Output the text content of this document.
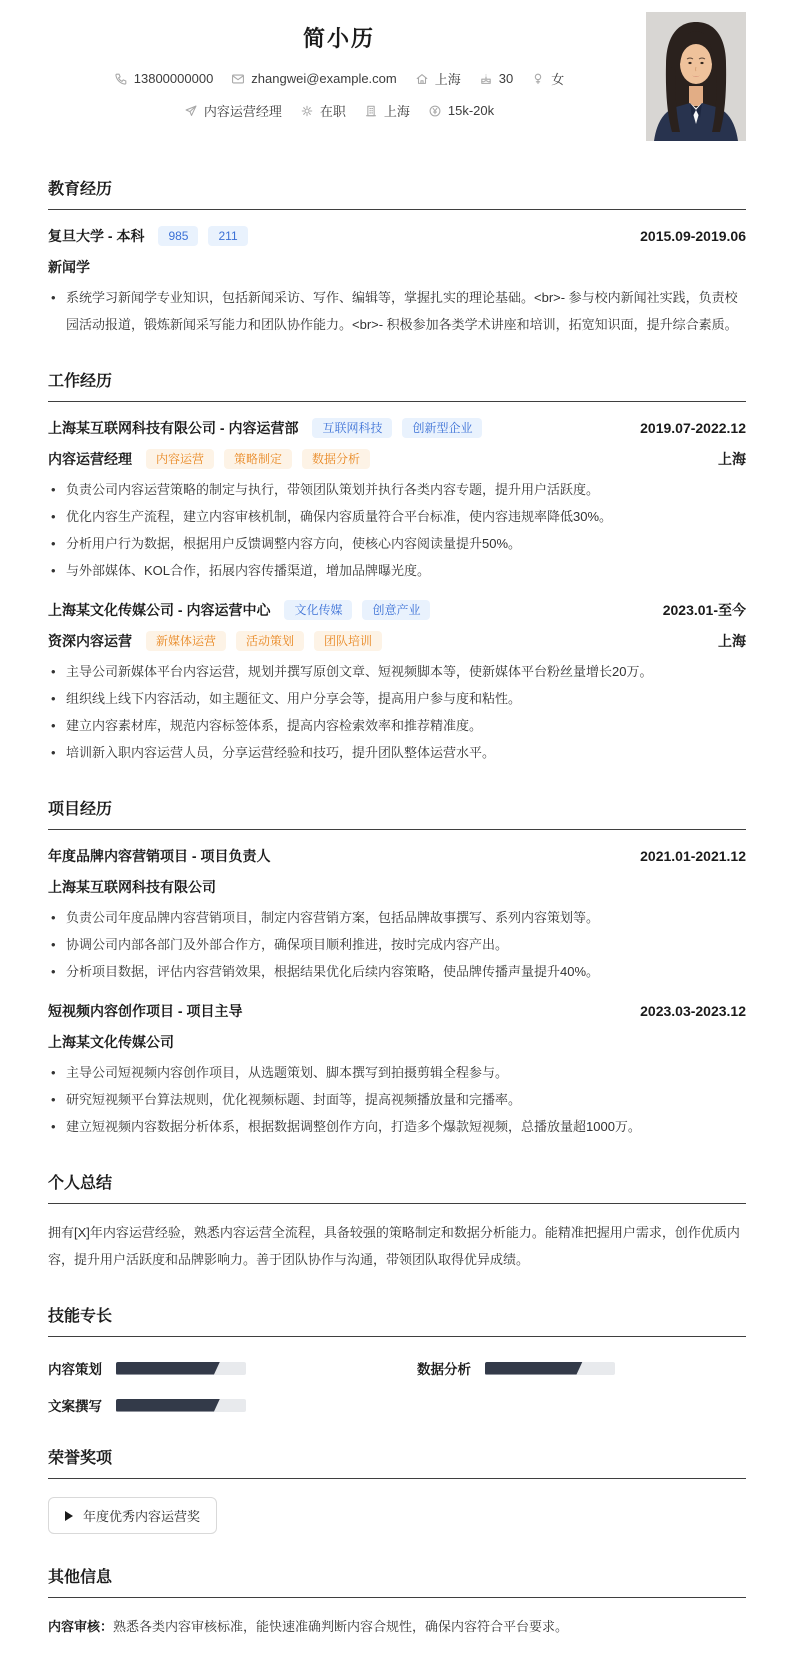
简小历
13800000000	zhangwei@example.com	上海	30	女
内容运营经理	在职	上海	15k-20k
教育经历
复旦大学 - 本科	985	211	2015.09-2019.06
新闻学
• 系统学习新闻学专业知识，包括新闻采访、写作、编辑等，掌握扎实的理论基础。<br>- 参与校内新闻社实践，负责校园活动报道，锻炼新闻采写能力和团队协作能力。<br>- 积极参加各类学术讲座和培训，拓宽知识面，提升综合素质。
工作经历
上海某互联网科技有限公司 - 内容运营部	互联网科技	创新型企业	2019.07-2022.12
内容运营经理	内容运营	策略制定	数据分析	上海
• 负责公司内容运营策略的制定与执行，带领团队策划并执行各类内容专题，提升用户活跃度。
• 优化内容生产流程，建立内容审核机制，确保内容质量符合平台标准，使内容违规率降低30%。
• 分析用户行为数据，根据用户反馈调整内容方向，使核心内容阅读量提升50%。
• 与外部媒体、KOL合作，拓展内容传播渠道，增加品牌曝光度。
上海某文化传媒公司 - 内容运营中心	文化传媒	创意产业	2023.01-至今
资深内容运营	新媒体运营	活动策划	团队培训	上海
• 主导公司新媒体平台内容运营，规划并撰写原创文章、短视频脚本等，使新媒体平台粉丝量增长20万。
• 组织线上线下内容活动，如主题征文、用户分享会等，提高用户参与度和粘性。
• 建立内容素材库，规范内容标签体系，提高内容检索效率和推荐精准度。
• 培训新入职内容运营人员，分享运营经验和技巧，提升团队整体运营水平。
项目经历
年度品牌内容营销项目 - 项目负责人	2021.01-2021.12
上海某互联网科技有限公司
• 负责公司年度品牌内容营销项目，制定内容营销方案，包括品牌故事撰写、系列内容策划等。
• 协调公司内部各部门及外部合作方，确保项目顺利推进，按时完成内容产出。
• 分析项目数据，评估内容营销效果，根据结果优化后续内容策略，使品牌传播声量提升40%。
短视频内容创作项目 - 项目主导	2023.03-2023.12
上海某文化传媒公司
• 主导公司短视频内容创作项目，从选题策划、脚本撰写到拍摄剪辑全程参与。
• 研究短视频平台算法规则，优化视频标题、封面等，提高视频播放量和完播率。
• 建立短视频内容数据分析体系，根据数据调整创作方向，打造多个爆款短视频，总播放量超1000万。
个人总结

拥有[X]年内容运营经验，熟悉内容运营全流程，具备较强的策略制定和数据分析能力。能精准把握用户需求，创作优质内容，提升用户活跃度和品牌影响力。善于团队协作与沟通，带领团队取得优异成绩。

技能专长
内容策划	数据分析
文案撰写
荣誉奖项
年度优秀内容运营奖
其他信息

内容审核：熟悉各类内容审核标准，能快速准确判断内容合规性，确保内容符合平台要求。
